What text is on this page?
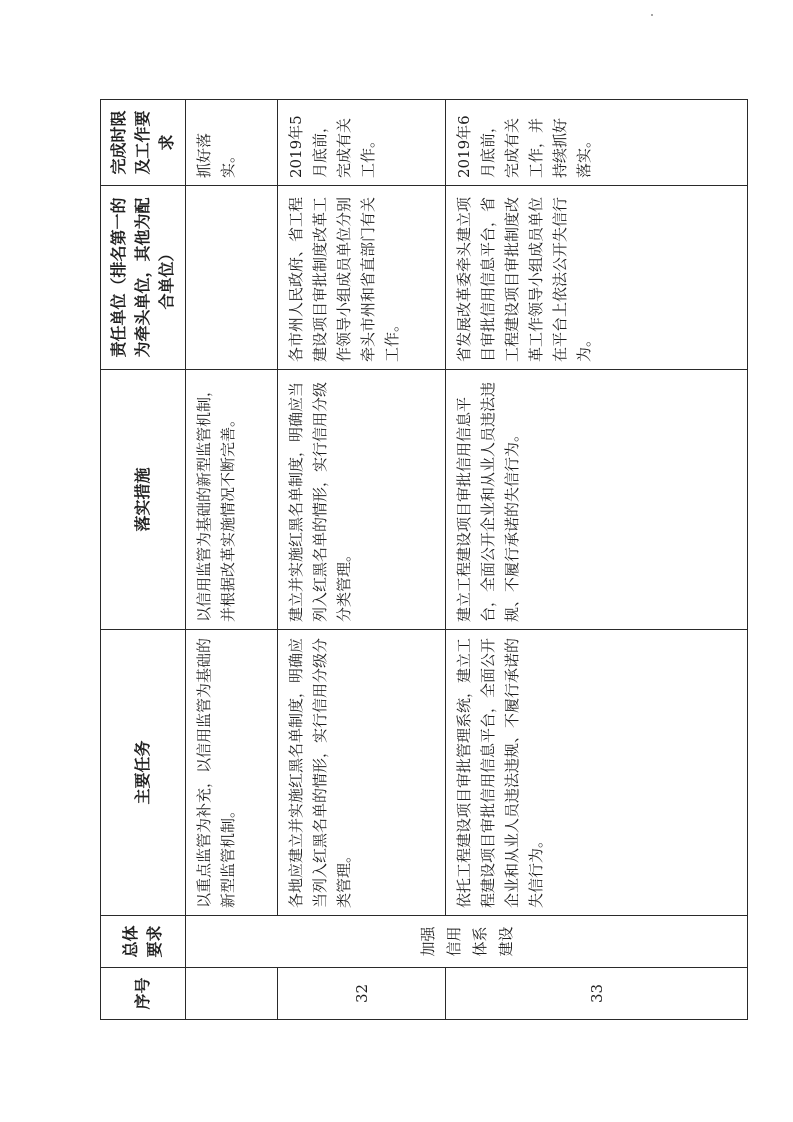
序号	总体要求	主要任务	落实措施	责任单位（排名第一的为牵头单位，其他为配合单位）	完成时限及工作要求
	加强信用体系建设	以重点监管为补充，以信用监管为基础的新型监管机制。	以信用监管为基础的新型监管机制，并根据改革实施情况不断完善。		抓好落实。
32		各地应建立并实施红黑名单制度，明确应当列入红黑名单的情形，实行信用分级分类管理。	建立并实施红黑名单制度，明确应当列入红黑名单的情形，实行信用分级分类管理。	各市州人民政府、省工程建设项目审批制度改革工作领导小组成员单位分别牵头市州和省直部门有关工作。	2019年5月底前，完成有关工作。
33		依托工程建设项目审批管理系统，建立工程建设项目审批信用信息平台，全面公开企业和从业人员违法违规、不履行承诺的失信行为。	建立工程建设项目审批信用信息平台，全面公开企业和从业人员违法违规、不履行承诺的失信行为。	省发展改革委牵头建立项目审批信用信息平台，省工程建设项目审批制度改革工作领导小组成员单位在平台上依法公开失信行为。	2019年6月底前，完成有关工作，并持续抓好落实。
